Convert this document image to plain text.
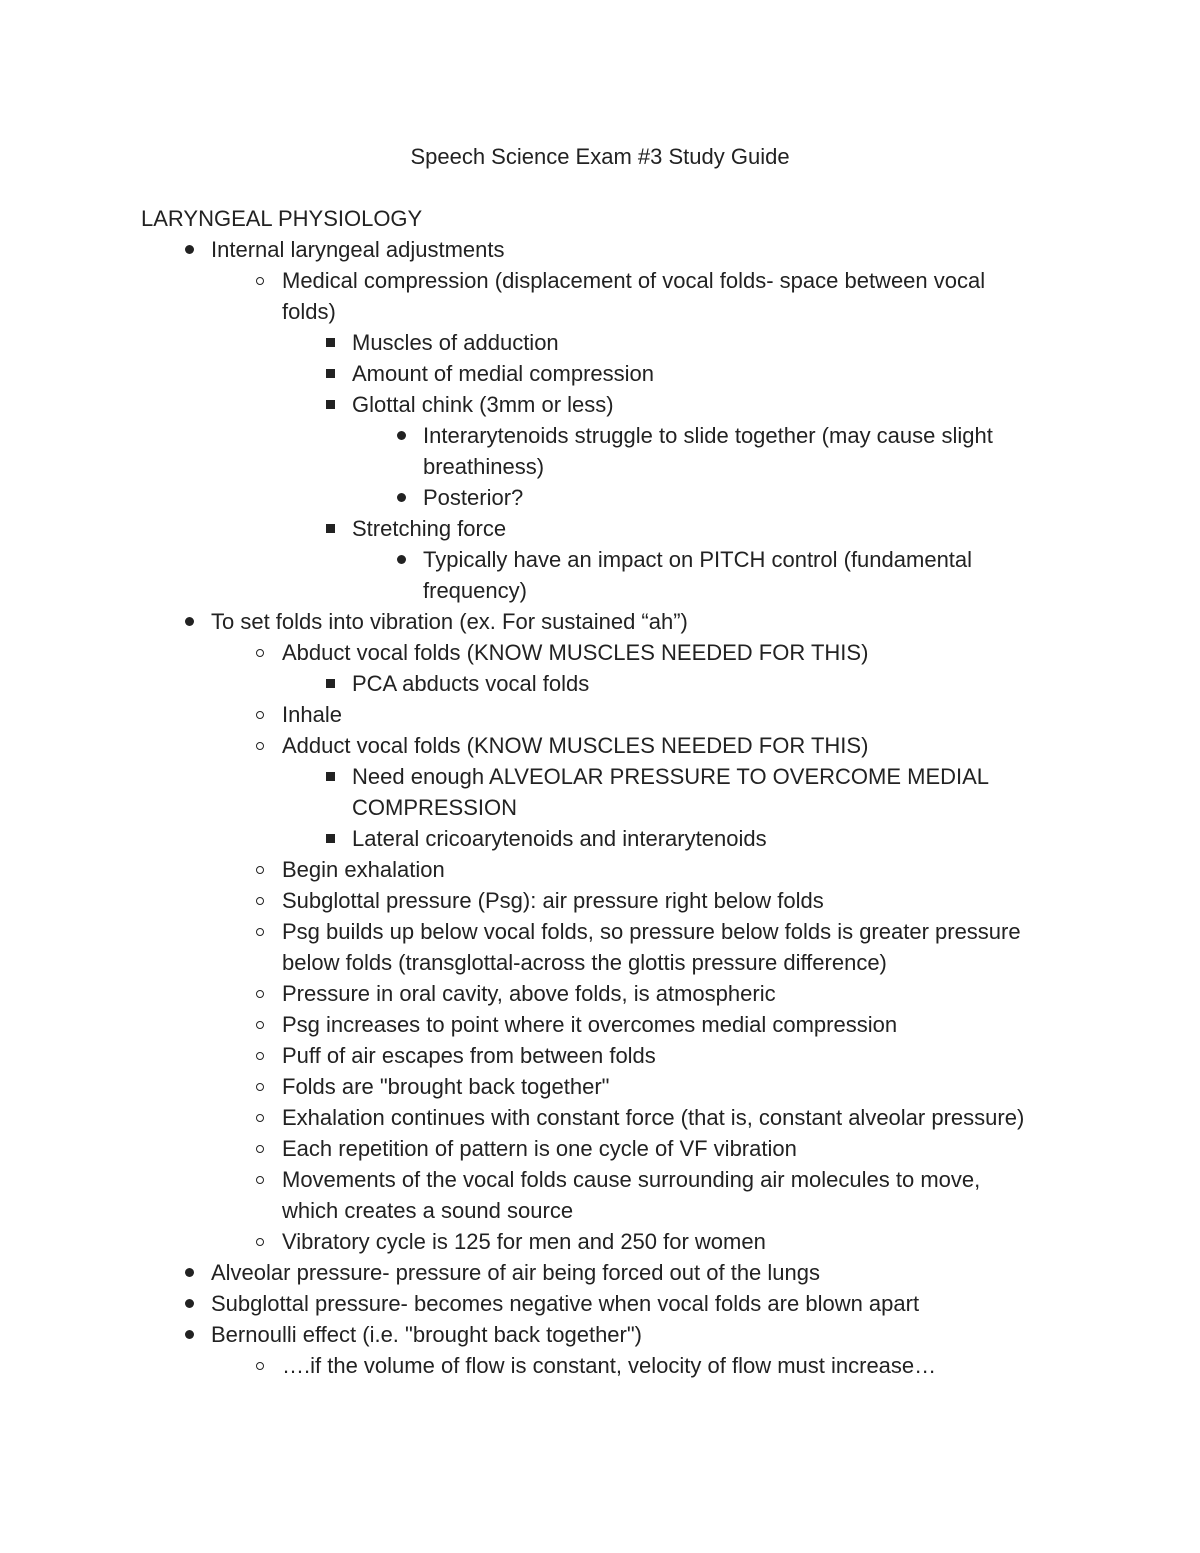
Speech Science Exam #3 Study Guide
LARYNGEAL PHYSIOLOGY
Internal laryngeal adjustments
Medical compression (displacement of vocal folds- space between vocal folds)
Muscles of adduction
Amount of medial compression
Glottal chink (3mm or less)
Interarytenoids struggle to slide together (may cause slight breathiness)
Posterior?
Stretching force
Typically have an impact on PITCH control (fundamental frequency)
To set folds into vibration (ex. For sustained “ah”)
Abduct vocal folds (KNOW MUSCLES NEEDED FOR THIS)
PCA abducts vocal folds
Inhale
Adduct vocal folds (KNOW MUSCLES NEEDED FOR THIS)
Need enough ALVEOLAR PRESSURE TO OVERCOME MEDIAL COMPRESSION
Lateral cricoarytenoids and interarytenoids
Begin exhalation
Subglottal pressure (Psg): air pressure right below folds
Psg builds up below vocal folds, so pressure below folds is greater pressure below folds (transglottal-across the glottis pressure difference)
Pressure in oral cavity, above folds, is atmospheric
Psg increases to point where it overcomes medial compression
Puff of air escapes from between folds
Folds are "brought back together"
Exhalation continues with constant force (that is, constant alveolar pressure)
Each repetition of pattern is one cycle of VF vibration
Movements of the vocal folds cause surrounding air molecules to move, which creates a sound source
Vibratory cycle is 125 for men and 250 for women
Alveolar pressure- pressure of air being forced out of the lungs
Subglottal pressure- becomes negative when vocal folds are blown apart
Bernoulli effect (i.e. "brought back together")
….if the volume of flow is constant, velocity of flow must increase…
